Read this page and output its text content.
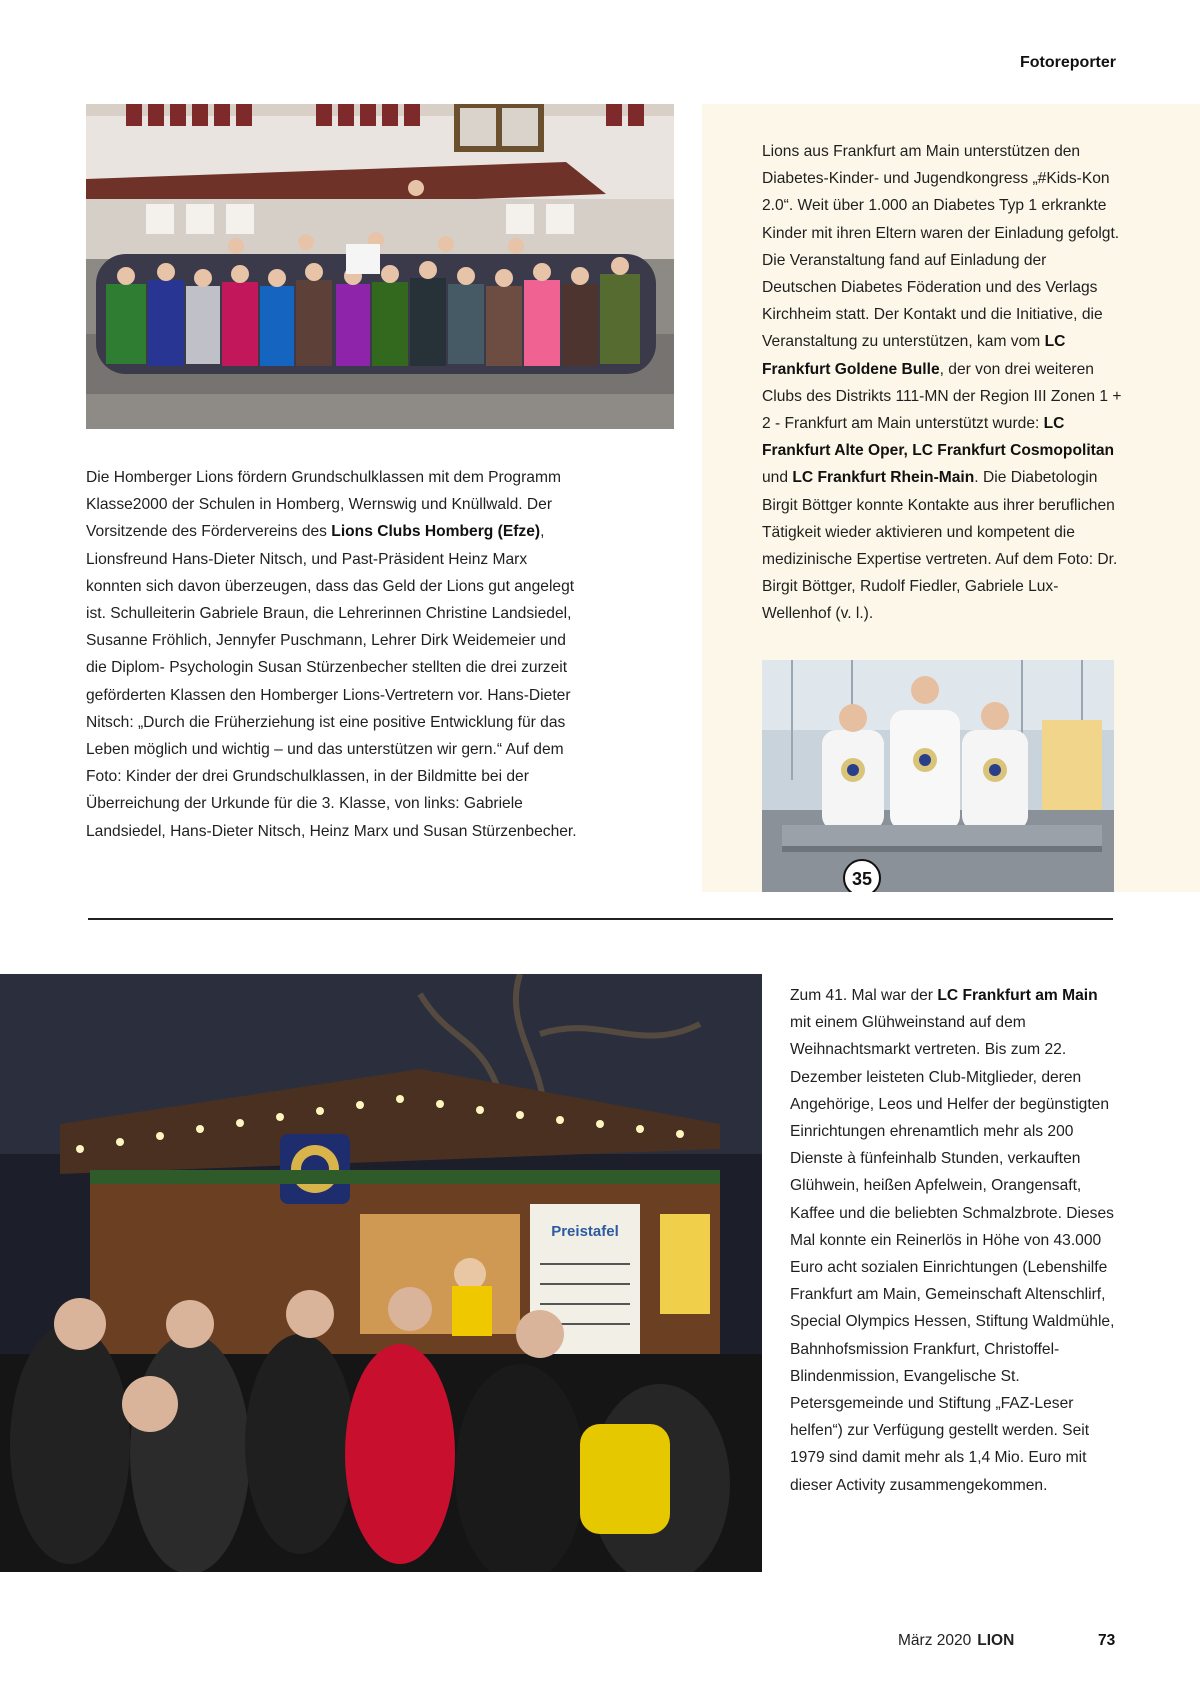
Fotoreporter
Die Homberger Lions fördern Grundschulklassen mit dem Programm Klasse2000 der Schulen in Homberg, Wernswig und Knüllwald. Der Vorsitzende des Fördervereins des Lions Clubs Homberg (Efze), Lionsfreund Hans-Dieter Nitsch, und Past-Präsident Heinz Marx konnten sich davon überzeugen, dass das Geld der Lions gut angelegt ist. Schulleiterin Gabriele Braun, die Lehrerinnen Christine Landsiedel, Susanne Fröhlich, Jennyfer Puschmann, Lehrer Dirk Weidemeier und die Diplom- Psychologin Susan Stürzenbecher stellten die drei zurzeit geförderten Klassen den Homberger Lions-Vertretern vor. Hans-Dieter Nitsch: „Durch die Früherziehung ist eine positive Entwicklung für das Leben möglich und wichtig – und das unterstützen wir gern.“ Auf dem Foto: Kinder der drei Grundschulklassen, in der Bildmitte bei der Überreichung der Urkunde für die 3. Klasse, von links: Gabriele Landsiedel, Hans-Dieter Nitsch, Heinz Marx und Susan Stürzenbecher.
Lions aus Frankfurt am Main unterstützen den Diabetes-Kinder- und Jugendkongress „#Kids-Kon 2.0“. Weit über 1.000 an Diabetes Typ 1 erkrankte Kinder mit ihren Eltern waren der Einladung gefolgt. Die Veranstaltung fand auf Einladung der Deutschen Diabetes Föderation und des Verlags Kirchheim statt. Der Kontakt und die Initiative, die Veranstaltung zu unterstützen, kam vom LC Frankfurt Goldene Bulle, der von drei weiteren Clubs des Distrikts 111-MN der Region III Zonen 1 + 2 - Frankfurt am Main unterstützt wurde: LC Frankfurt Alte Oper, LC Frankfurt Cosmopolitan und LC Frankfurt Rhein-Main. Die Diabetologin Birgit Böttger konnte Kontakte aus ihrer beruflichen Tätigkeit wieder aktivieren und kompetent die medizinische Expertise vertreten. Auf dem Foto: Dr. Birgit Böttger, Rudolf Fiedler, Gabriele Lux-Wellenhof (v. l.).
35
Preistafel
Zum 41. Mal war der LC Frankfurt am Main mit einem Glühweinstand auf dem Weihnachtsmarkt vertreten. Bis zum 22. Dezember leisteten Club-Mitglieder, deren Angehörige, Leos und Helfer der begünstigten Einrichtungen ehrenamtlich mehr als 200 Dienste à fünfeinhalb Stunden, verkauften Glühwein, heißen Apfelwein, Orangensaft, Kaffee und die beliebten Schmalzbrote. Dieses Mal konnte ein Reinerlös in Höhe von 43.000 Euro acht sozialen Einrichtungen (Lebenshilfe Frankfurt am Main, Gemeinschaft Altenschlirf, Special Olympics Hessen, Stiftung Waldmühle, Bahnhofsmission Frankfurt, Christoffel-Blindenmission, Evangelische St. Petersgemeinde und Stiftung „FAZ-Leser helfen“) zur Verfügung gestellt werden. Seit 1979 sind damit mehr als 1,4 Mio. Euro mit dieser Activity zusammengekommen.
März 2020 LION	73
